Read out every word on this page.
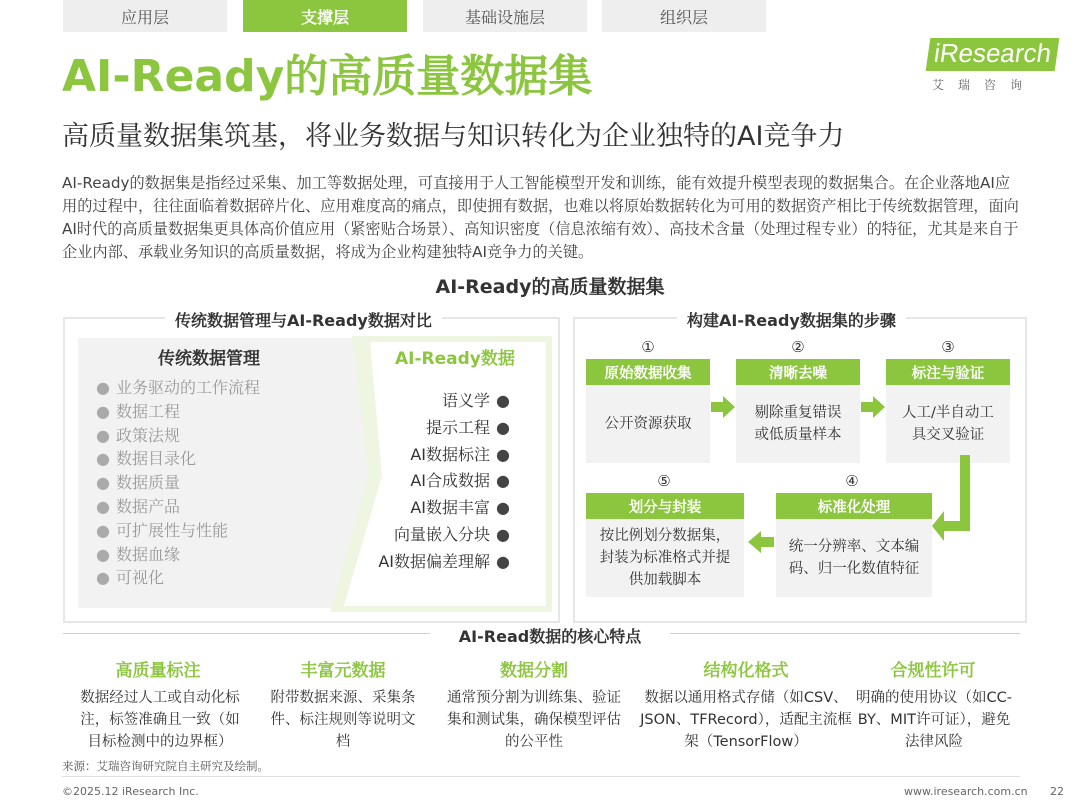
应用层	支撑层	基础设施层	组织层
iResearch
艾瑞咨询
AI-Ready的高质量数据集
高质量数据集筑基，将业务数据与知识转化为企业独特的AI竞争力
AI-Ready的数据集是指经过采集、加工等数据处理，可直接用于人工智能模型开发和训练，能有效提升模型表现的数据集合。在企业落地AI应用的过程中，往往面临着数据碎片化、应用难度高的痛点，即使拥有数据，也难以将原始数据转化为可用的数据资产相比于传统数据管理，面向AI时代的高质量数据集更具体高价值应用（紧密贴合场景）、高知识密度（信息浓缩有效）、高技术含量（处理过程专业）的特征，尤其是来自于企业内部、承载业务知识的高质量数据，将成为企业构建独特AI竞争力的关键。
AI-Ready的高质量数据集
传统数据管理与AI-Ready数据对比
传统数据管理
● 业务驱动的工作流程
● 数据工程
● 政策法规
● 数据目录化
● 数据质量
● 数据产品
● 可扩展性与性能
● 数据血缘
● 可视化
AI-Ready数据
语义学 ●
提示工程 ●
AI数据标注 ●
AI合成数据 ●
AI数据丰富 ●
向量嵌入分块 ●
AI数据偏差理解 ●
构建AI-Ready数据集的步骤
①	②	③
⑤	④
原始数据收集
公开资源获取
清晰去噪
剔除重复错误或低质量样本
标注与验证
人工/半自动工具交叉验证
划分与封装
按比例划分数据集，封装为标准格式并提供加载脚本
标准化处理
统一分辨率、文本编码、归一化数值特征
AI-Read数据的核心特点
高质量标注
数据经过人工或自动化标注，标签准确且一致（如目标检测中的边界框）
丰富元数据
附带数据来源、采集条件、标注规则等说明文档
数据分割
通常预分割为训练集、验证集和测试集，确保模型评估的公平性
结构化格式
数据以通用格式存储（如CSV、JSON、TFRecord），适配主流框架（TensorFlow）
合规性许可
明确的使用协议（如CC-BY、MIT许可证），避免法律风险
来源：艾瑞咨询研究院自主研究及绘制。
©2025.12 iResearch Inc.	www.iresearch.com.cn 22
